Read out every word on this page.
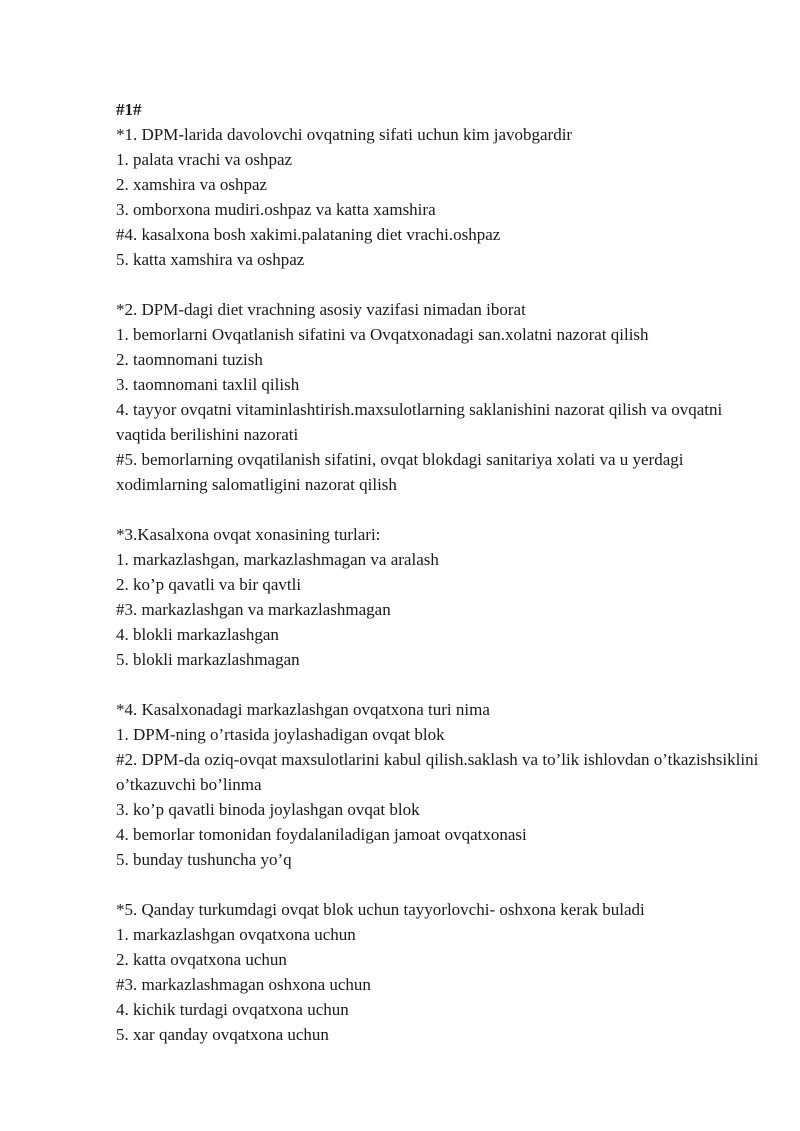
#1#

*1. DPM-larida davolovchi ovqatning sifati uchun kim javobgardir

1. palata vrachi va oshpaz

2. xamshira va oshpaz

3. omborxona mudiri.oshpaz va katta xamshira

#4. kasalxona bosh xakimi.palataning diet vrachi.oshpaz

5. katta xamshira va oshpaz

*2. DPM-dagi diet vrachning asosiy vazifasi nimadan iborat

1. bemorlarni Ovqatlanish sifatini va Ovqatxonadagi san.xolatni nazorat qilish

2. taomnomani tuzish

3. taomnomani taxlil qilish

4. tayyor ovqatni vitaminlashtirish.maxsulotlarning saklanishini nazorat qilish va ovqatni vaqtida berilishini nazorati

#5. bemorlarning ovqatilanish sifatini, ovqat blokdagi sanitariya xolati va u yerdagi xodimlarning salomatligini nazorat qilish

*3.Kasalxona ovqat xonasining turlari:

1. markazlashgan, markazlashmagan va aralash

2. ko’p qavatli va bir qavtli

#3. markazlashgan va markazlashmagan

4. blokli markazlashgan

5. blokli markazlashmagan

*4. Kasalxonadagi markazlashgan ovqatxona turi nima

1. DPM-ning o’rtasida joylashadigan ovqat blok

#2. DPM-da oziq-ovqat maxsulotlarini kabul qilish.saklash va to’lik ishlovdan o’tkazishsiklini o’tkazuvchi bo’linma

3. ko’p qavatli binoda joylashgan ovqat blok

4. bemorlar tomonidan foydalaniladigan jamoat ovqatxonasi

5. bunday tushuncha yo’q

*5. Qanday turkumdagi ovqat blok uchun tayyorlovchi- oshxona kerak buladi

1. markazlashgan ovqatxona uchun

2. katta ovqatxona uchun

#3. markazlashmagan oshxona uchun

4. kichik turdagi ovqatxona uchun

5. xar qanday ovqatxona uchun
